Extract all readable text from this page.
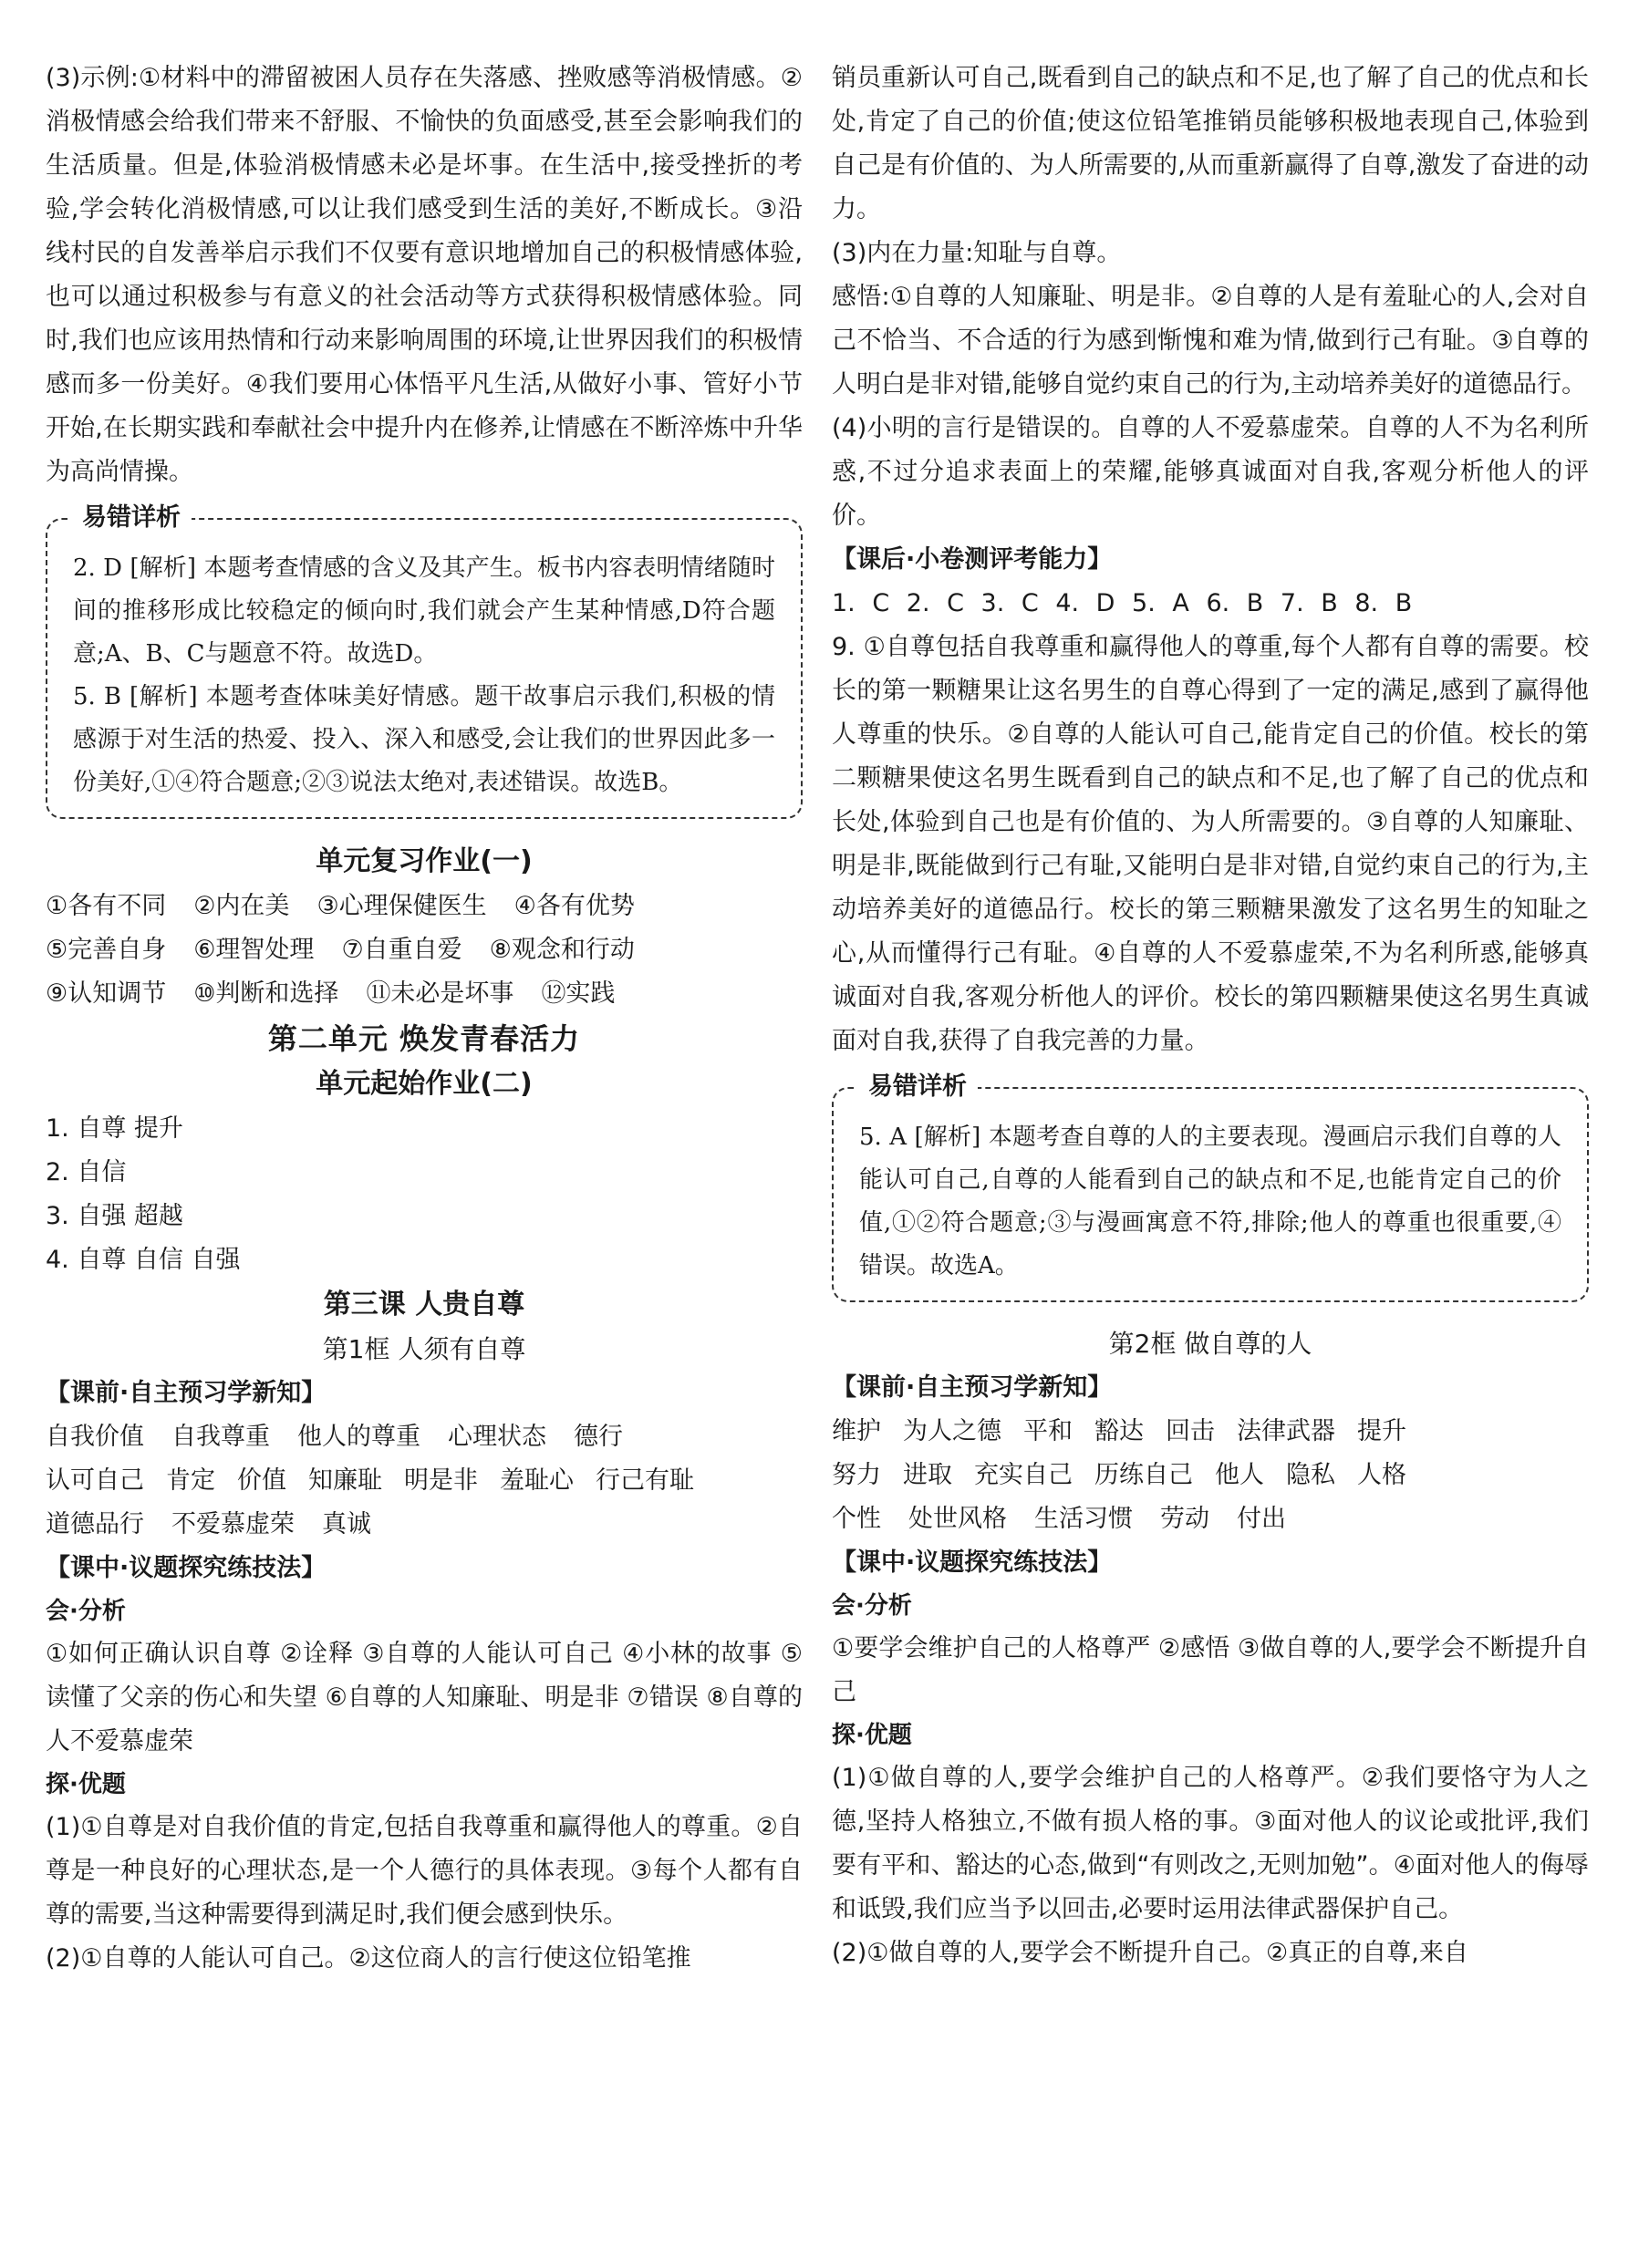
(3)示例:①材料中的滞留被困人员存在失落感、挫败感等消极情感。②消极情感会给我们带来不舒服、不愉快的负面感受,甚至会影响我们的生活质量。但是,体验消极情感未必是坏事。在生活中,接受挫折的考验,学会转化消极情感,可以让我们感受到生活的美好,不断成长。③沿线村民的自发善举启示我们不仅要有意识地增加自己的积极情感体验,也可以通过积极参与有意义的社会活动等方式获得积极情感体验。同时,我们也应该用热情和行动来影响周围的环境,让世界因我们的积极情感而多一份美好。④我们要用心体悟平凡生活,从做好小事、管好小节开始,在长期实践和奉献社会中提升内在修养,让情感在不断淬炼中升华为高尚情操。

易错详析

2. D [解析] 本题考查情感的含义及其产生。板书内容表明情绪随时间的推移形成比较稳定的倾向时,我们就会产生某种情感,D符合题意;A、B、C与题意不符。故选D。

5. B [解析] 本题考查体味美好情感。题干故事启示我们,积极的情感源于对生活的热爱、投入、深入和感受,会让我们的世界因此多一份美好,①④符合题意;②③说法太绝对,表述错误。故选B。

单元复习作业(一)
①各有不同 ②内在美 ③心理保健医生 ④各有优势
⑤完善自身 ⑥理智处理 ⑦自重自爱 ⑧观念和行动
⑨认知调节 ⑩判断和选择 ⑪未必是坏事 ⑫实践
第二单元 焕发青春活力
单元起始作业(二)

1. 自尊 提升

2. 自信

3. 自强 超越

4. 自尊 自信 自强

第三课 人贵自尊
第1框 人须有自尊
【课前·自主预习学新知】
自我价值 自我尊重 他人的尊重 心理状态 德行
认可自己 肯定 价值 知廉耻 明是非 羞耻心 行己有耻
道德品行 不爱慕虚荣 真诚
【课中·议题探究练技法】
会·分析

①如何正确认识自尊 ②诠释 ③自尊的人能认可自己 ④小林的故事 ⑤读懂了父亲的伤心和失望 ⑥自尊的人知廉耻、明是非 ⑦错误 ⑧自尊的人不爱慕虚荣

探·优题

(1)①自尊是对自我价值的肯定,包括自我尊重和赢得他人的尊重。②自尊是一种良好的心理状态,是一个人德行的具体表现。③每个人都有自尊的需要,当这种需要得到满足时,我们便会感到快乐。

(2)①自尊的人能认可自己。②这位商人的言行使这位铅笔推

销员重新认可自己,既看到自己的缺点和不足,也了解了自己的优点和长处,肯定了自己的价值;使这位铅笔推销员能够积极地表现自己,体验到自己是有价值的、为人所需要的,从而重新赢得了自尊,激发了奋进的动力。

(3)内在力量:知耻与自尊。

感悟:①自尊的人知廉耻、明是非。②自尊的人是有羞耻心的人,会对自己不恰当、不合适的行为感到惭愧和难为情,做到行己有耻。③自尊的人明白是非对错,能够自觉约束自己的行为,主动培养美好的道德品行。

(4)小明的言行是错误的。自尊的人不爱慕虚荣。自尊的人不为名利所惑,不过分追求表面上的荣耀,能够真诚面对自我,客观分析他人的评价。

【课后·小卷测评考能力】
1. C 2. C 3. C 4. D 5. A 6. B 7. B 8. B

9. ①自尊包括自我尊重和赢得他人的尊重,每个人都有自尊的需要。校长的第一颗糖果让这名男生的自尊心得到了一定的满足,感到了赢得他人尊重的快乐。②自尊的人能认可自己,能肯定自己的价值。校长的第二颗糖果使这名男生既看到自己的缺点和不足,也了解了自己的优点和长处,体验到自己也是有价值的、为人所需要的。③自尊的人知廉耻、明是非,既能做到行己有耻,又能明白是非对错,自觉约束自己的行为,主动培养美好的道德品行。校长的第三颗糖果激发了这名男生的知耻之心,从而懂得行己有耻。④自尊的人不爱慕虚荣,不为名利所惑,能够真诚面对自我,客观分析他人的评价。校长的第四颗糖果使这名男生真诚面对自我,获得了自我完善的力量。

易错详析

5. A [解析] 本题考查自尊的人的主要表现。漫画启示我们自尊的人能认可自己,自尊的人能看到自己的缺点和不足,也能肯定自己的价值,①②符合题意;③与漫画寓意不符,排除;他人的尊重也很重要,④错误。故选A。

第2框 做自尊的人
【课前·自主预习学新知】
维护 为人之德 平和 豁达 回击 法律武器 提升
努力 进取 充实自己 历练自己 他人 隐私 人格
个性 处世风格 生活习惯 劳动 付出
【课中·议题探究练技法】
会·分析

①要学会维护自己的人格尊严 ②感悟 ③做自尊的人,要学会不断提升自己

探·优题

(1)①做自尊的人,要学会维护自己的人格尊严。②我们要恪守为人之德,坚持人格独立,不做有损人格的事。③面对他人的议论或批评,我们要有平和、豁达的心态,做到“有则改之,无则加勉”。④面对他人的侮辱和诋毁,我们应当予以回击,必要时运用法律武器保护自己。

(2)①做自尊的人,要学会不断提升自己。②真正的自尊,来自
